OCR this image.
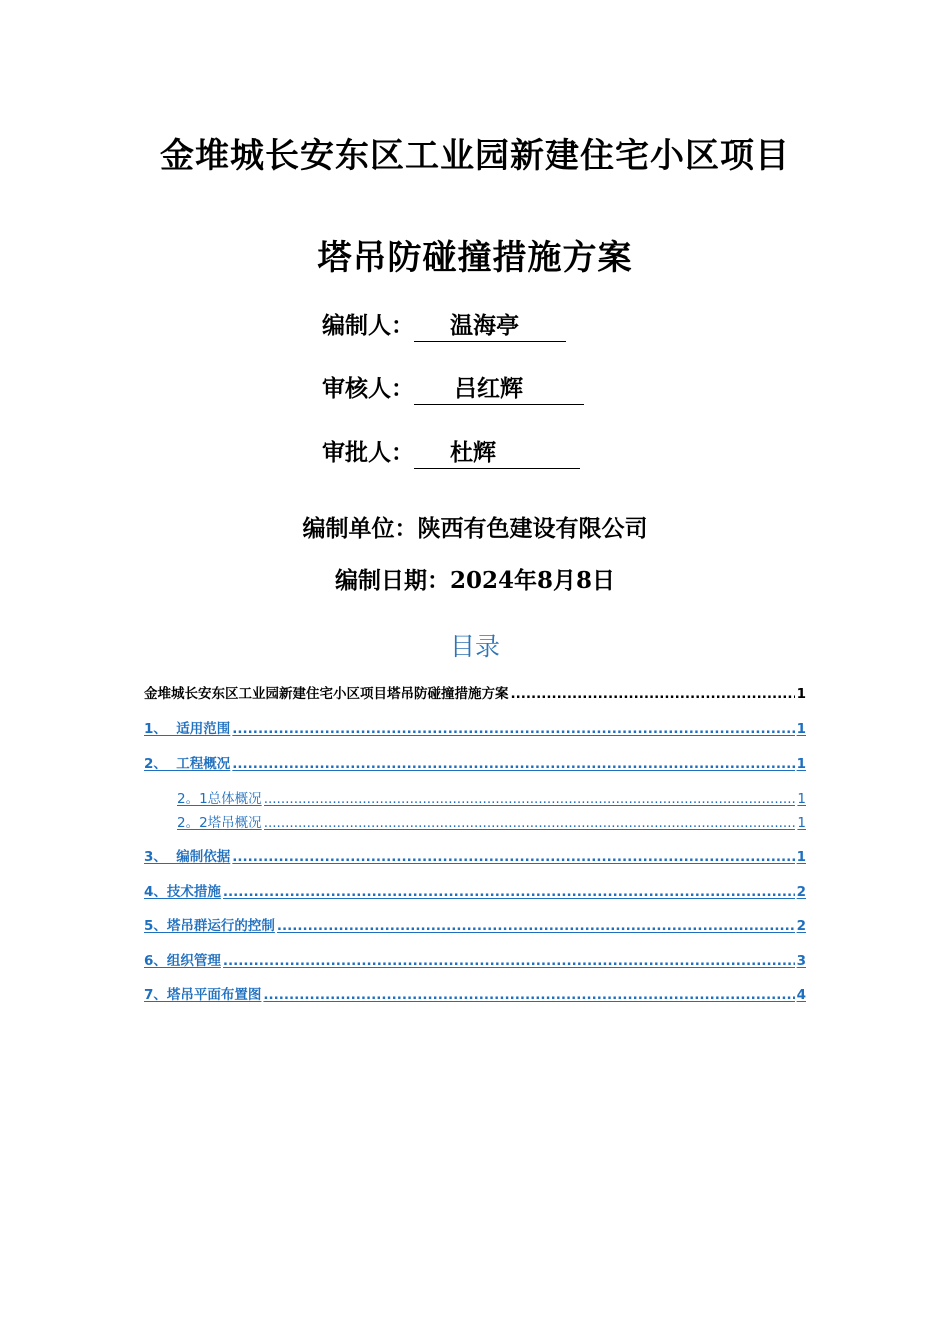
金堆城长安东区工业园新建住宅小区项目
塔吊防碰撞措施方案
编制人： 温海亭
审核人： 吕红辉
审批人： 杜辉
编制单位：陕西有色建设有限公司
编制日期：2024年8月8日
目录
金堆城长安东区工业园新建住宅小区项目塔吊防碰撞措施方案 .....	1
1、  适用范围 .....	1
2、  工程概况 .....	1
2。1总体概况 .....	1
2。2塔吊概况 .....	1
3、  编制依据 .....	1
4、技术措施 .....	2
5、塔吊群运行的控制 .....	2
6、组织管理 .....	3
7、塔吊平面布置图 .....	4
